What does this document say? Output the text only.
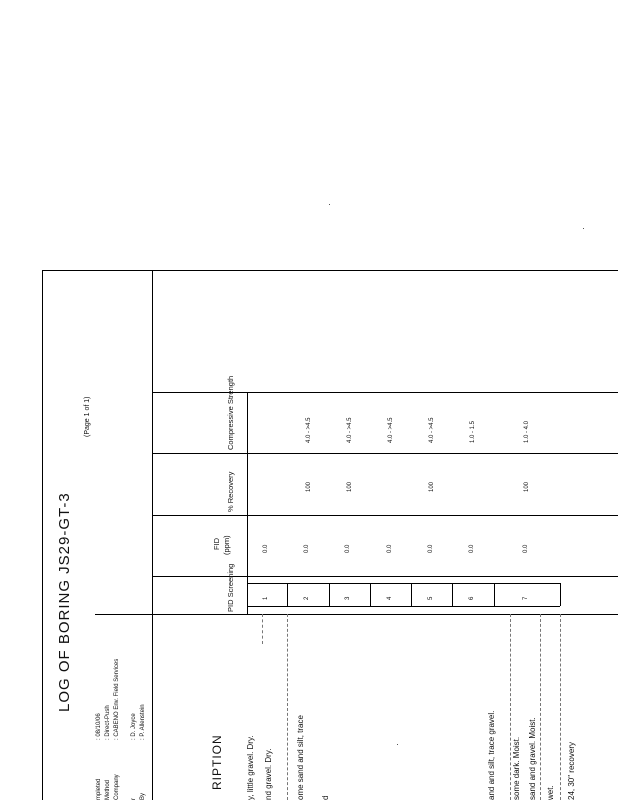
LOG OF BORING JS29-GT-3
(Page 1 of 1)
mpleted Method Company r By
: 08/10/06 : Direct-Push : CABENO Env. Field Services : D. Joyce : P. Allenstein
Compressive Strength
% Recovery
FID (ppm)
PID Screening
RIPTION
1
0.0
2
0.0
100
4.0 - >4.5
3
0.0
100
4.0 - >4.5
4
0.0
4.0 - >4.5
5
0.0
100
4.0 - >4.5
6
0.0
1.0 - 1.5
7
0.0
100
1.0 - 4.0
y, little gravel. Dry. nd gravel. Dry.	ome sand and silt, trace d	and and silt, trace gravel. some dark. Moist. sand and gravel. Moist. wet. 24, 30" recovery
